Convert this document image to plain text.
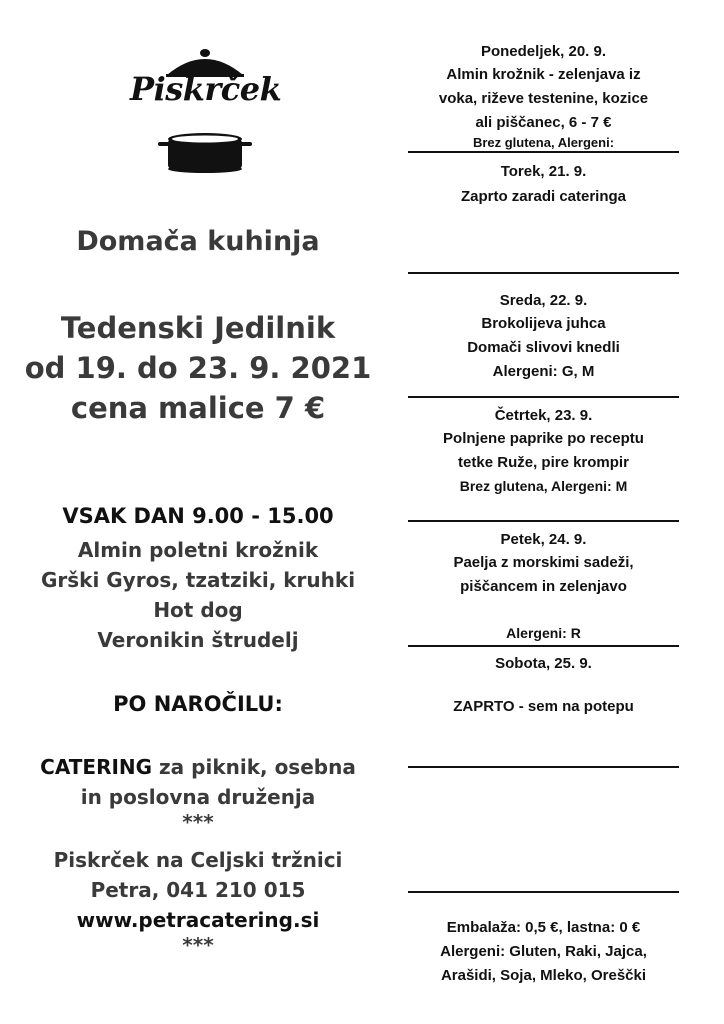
Piskrček
Domača kuhinja
Tedenski Jedilnik
od 19. do 23. 9. 2021
cena malice 7 €
VSAK DAN 9.00 - 15.00
Almin poletni krožnik
Grški Gyros, tzatziki, kruhki
Hot dog
Veronikin štrudelj
PO NAROČILU:
CATERING za piknik, osebna
in poslovna druženja
***
Piskrček na Celjski tržnici
Petra, 041 210 015
www.petracatering.si
***
Ponedeljek, 20. 9.
Almin krožnik - zelenjava iz
voka, riževe testenine, kozice
ali piščanec, 6 - 7 €
Brez glutena, Alergeni:
Torek, 21. 9.
Zaprto zaradi cateringa
Sreda, 22. 9.
Brokolijeva juhca
Domači slivovi knedli
Alergeni: G, M
Četrtek, 23. 9.
Polnjene paprike po receptu
tetke Ruže, pire krompir
Brez glutena, Alergeni: M
Petek, 24. 9.
Paelja z morskimi sadeži,
piščancem in zelenjavo
Alergeni: R
Sobota, 25. 9.
ZAPRTO - sem na potepu
Embalaža: 0,5 €, lastna: 0 €
Alergeni: Gluten, Raki, Jajca,
Arašidi, Soja, Mleko, Oreščki
